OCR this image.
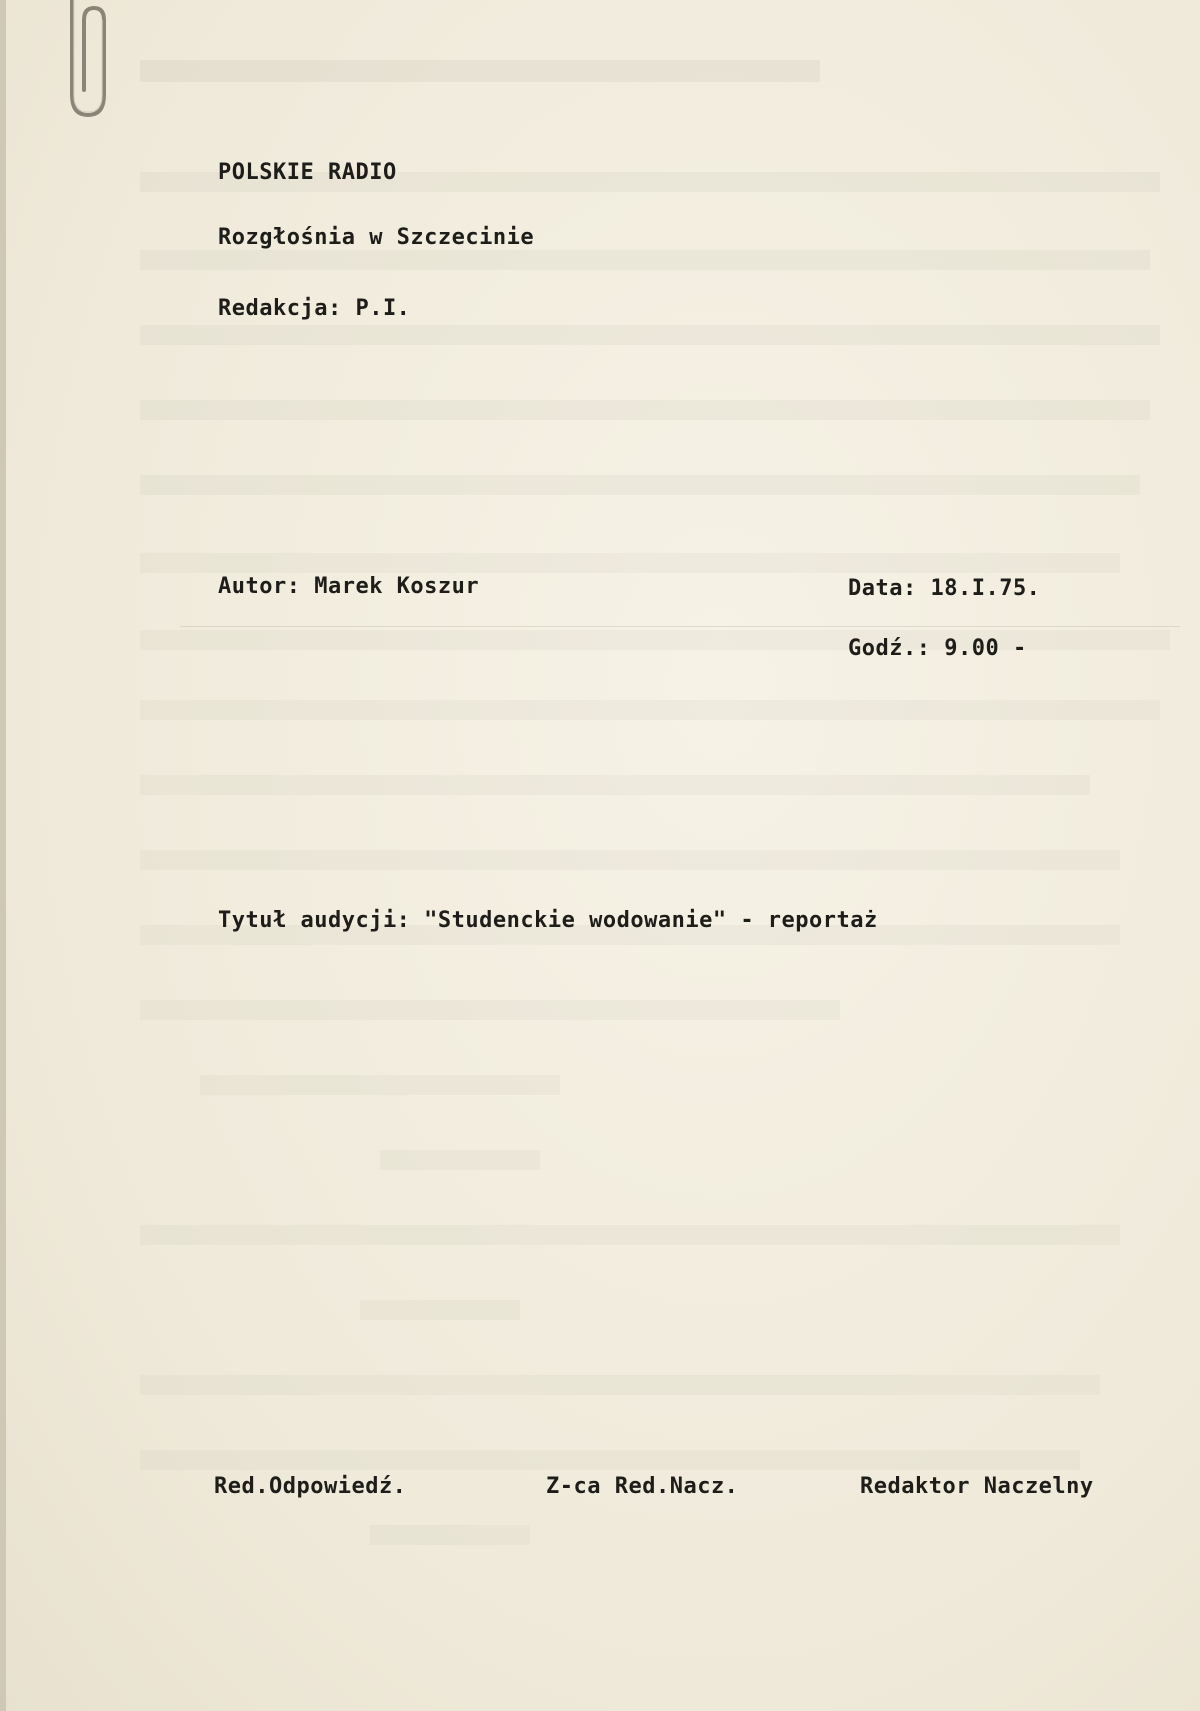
POLSKIE RADIO
Rozgłośnia w Szczecinie
Redakcja: P.I.
Autor: Marek Koszur	Data: 18.I.75.
Godź.: 9.00 -
Tytuł audycji: "Studenckie wodowanie" - reportaż
Red.Odpowiedź.	Z-ca Red.Nacz.	Redaktor Naczelny
